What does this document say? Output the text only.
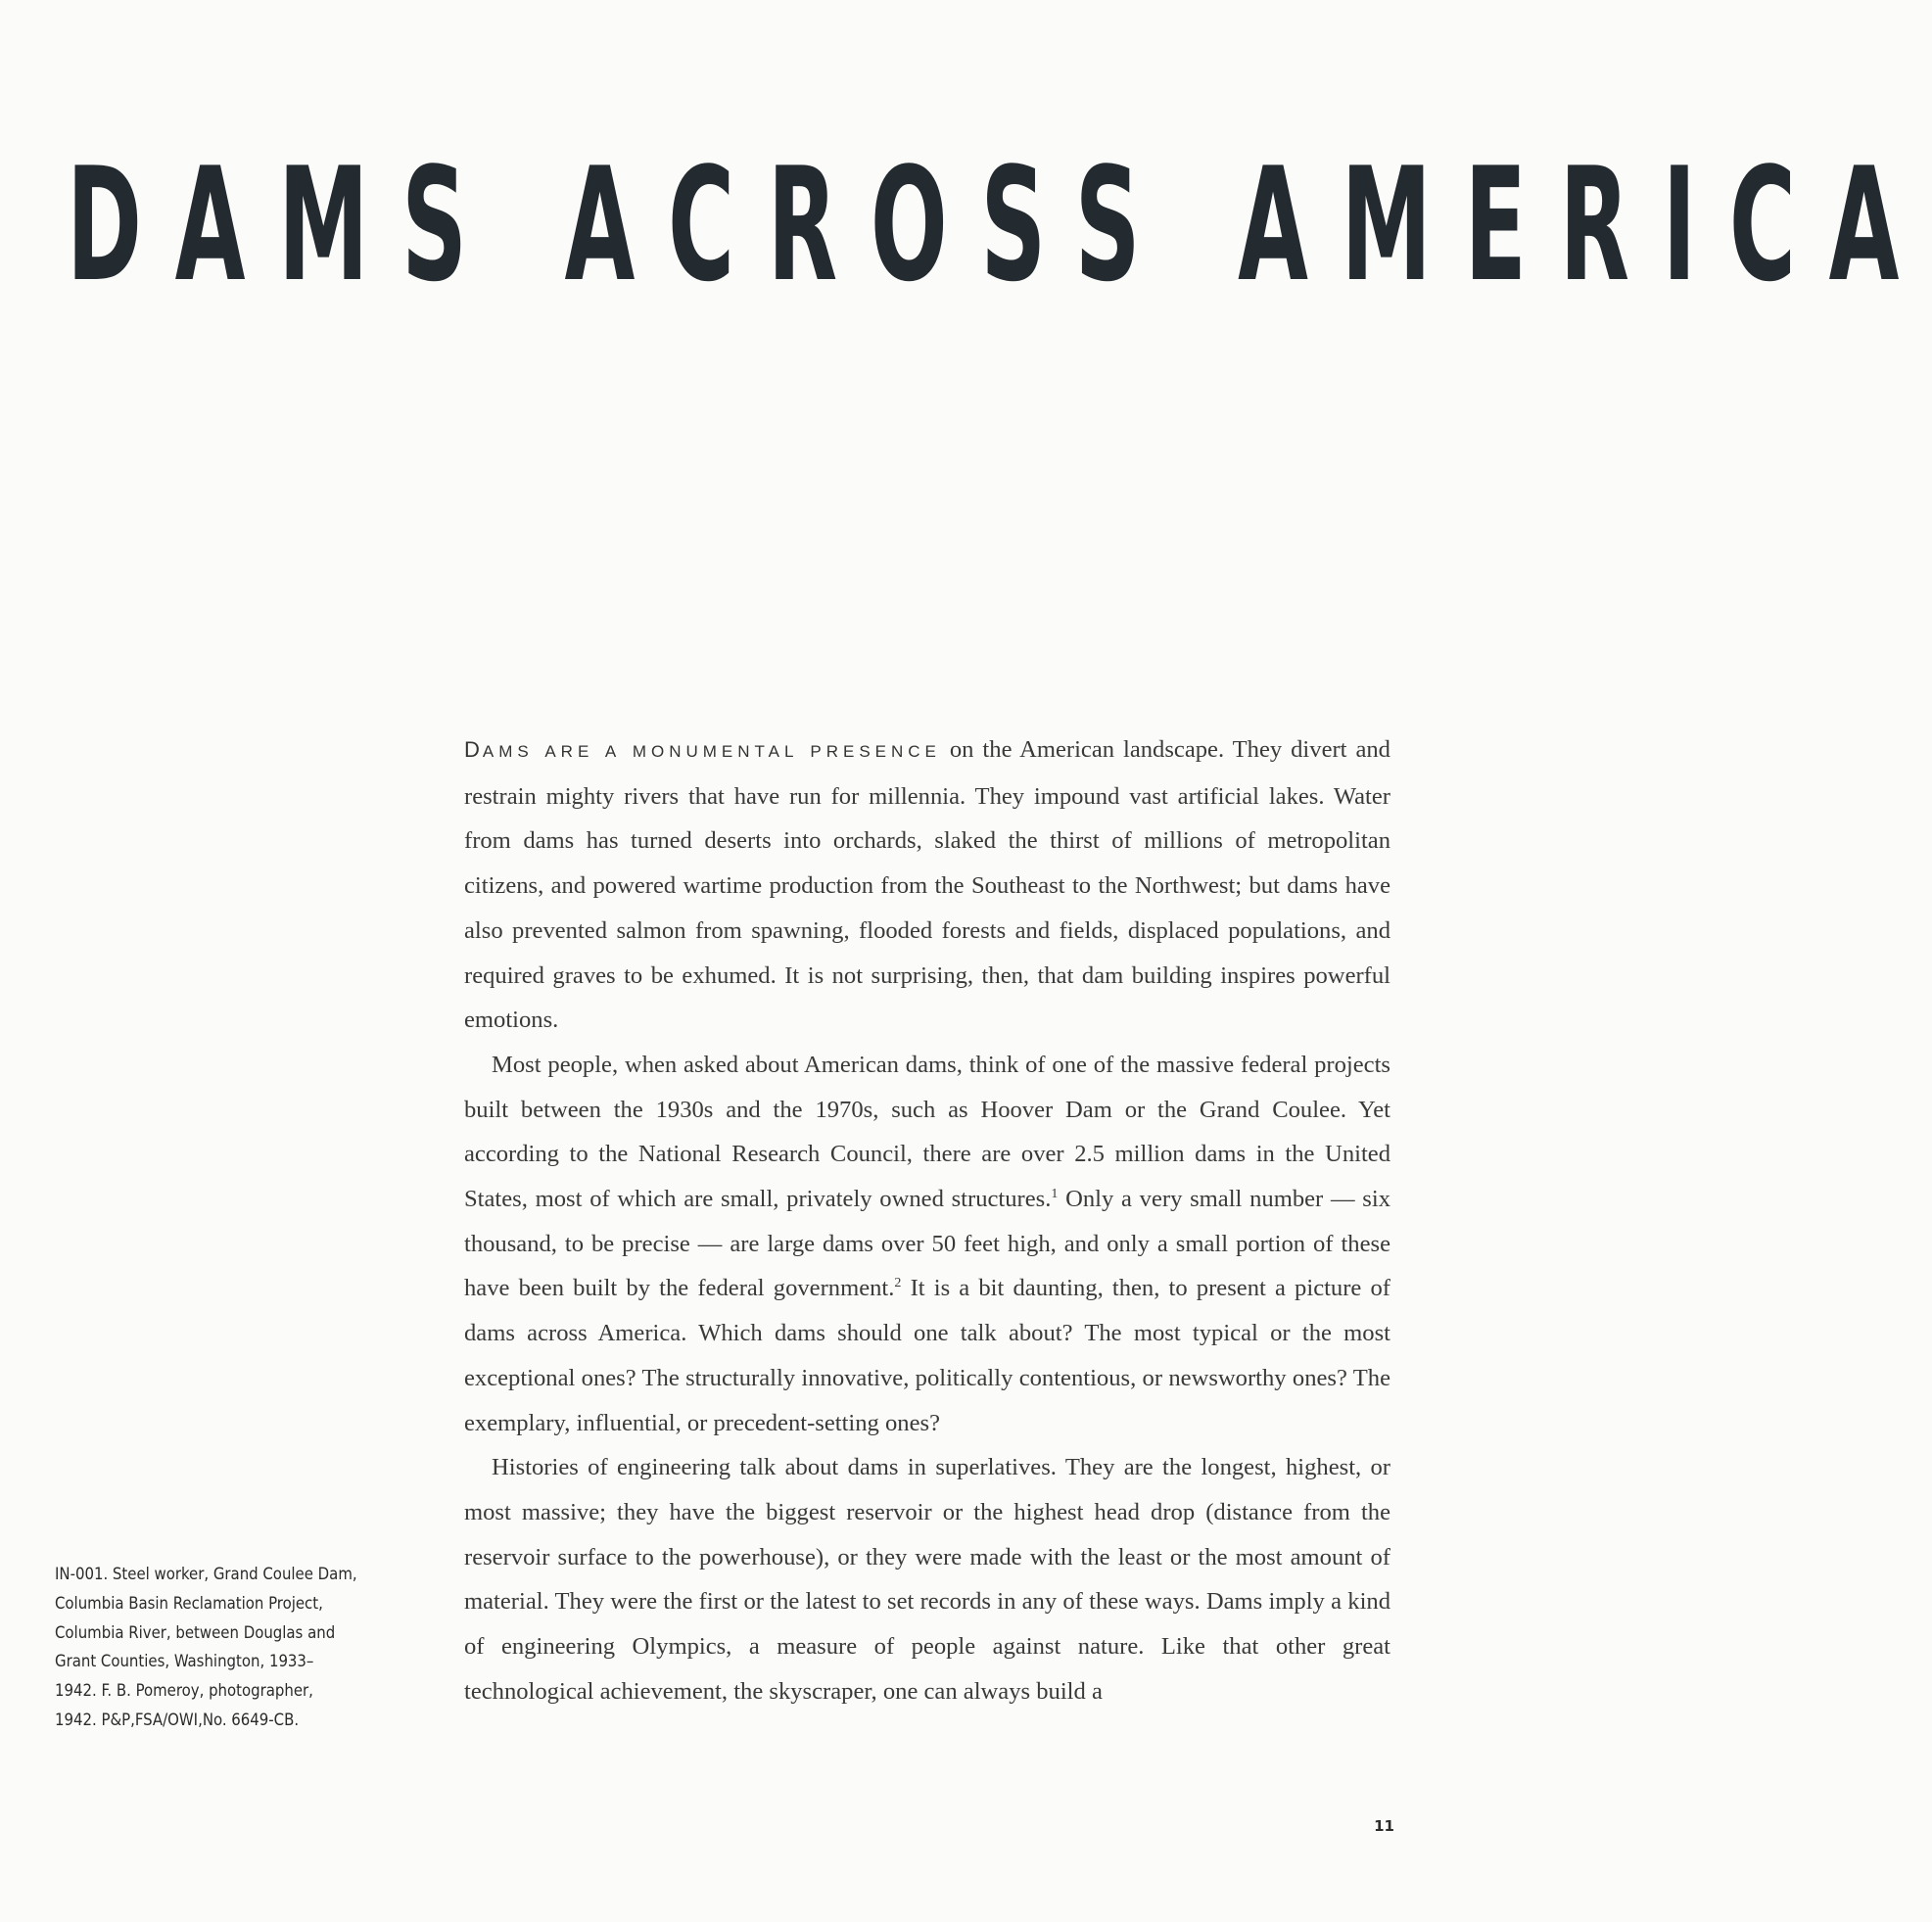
DAMS ACROSS AMERICA

DAMS ARE A MONUMENTAL PRESENCE on the American landscape. They divert and restrain mighty rivers that have run for millennia. They impound vast artificial lakes. Water from dams has turned deserts into orchards, slaked the thirst of millions of metropolitan citizens, and powered wartime production from the Southeast to the Northwest; but dams have also prevented salmon from spawning, flooded forests and fields, displaced populations, and required graves to be exhumed. It is not surprising, then, that dam building inspires powerful emotions.

Most people, when asked about American dams, think of one of the massive federal projects built between the 1930s and the 1970s, such as Hoover Dam or the Grand Coulee. Yet according to the National Research Council, there are over 2.5 million dams in the United States, most of which are small, privately owned structures.$^1$ Only a very small number — six thousand, to be precise — are large dams over 50 feet high, and only a small portion of these have been built by the federal government.$^2$ It is a bit daunting, then, to present a picture of dams across America. Which dams should one talk about? The most typical or the most exceptional ones? The structurally innovative, politically contentious, or newsworthy ones? The exemplary, influential, or precedent-setting ones?

Histories of engineering talk about dams in superlatives. They are the longest, highest, or most massive; they have the biggest reservoir or the highest head drop (distance from the reservoir surface to the powerhouse), or they were made with the least or the most amount of material. They were the first or the latest to set records in any of these ways. Dams imply a kind of engineering Olympics, a measure of people against nature. Like that other great technological achievement, the skyscraper, one can always build a

IN-001. Steel worker, Grand Coulee Dam,
Columbia Basin Reclamation Project,
Columbia River, between Douglas and
Grant Counties, Washington, 1933–
1942. F. B. Pomeroy, photographer,
1942. P&P,FSA/OWI,No. 6649-CB.
11
